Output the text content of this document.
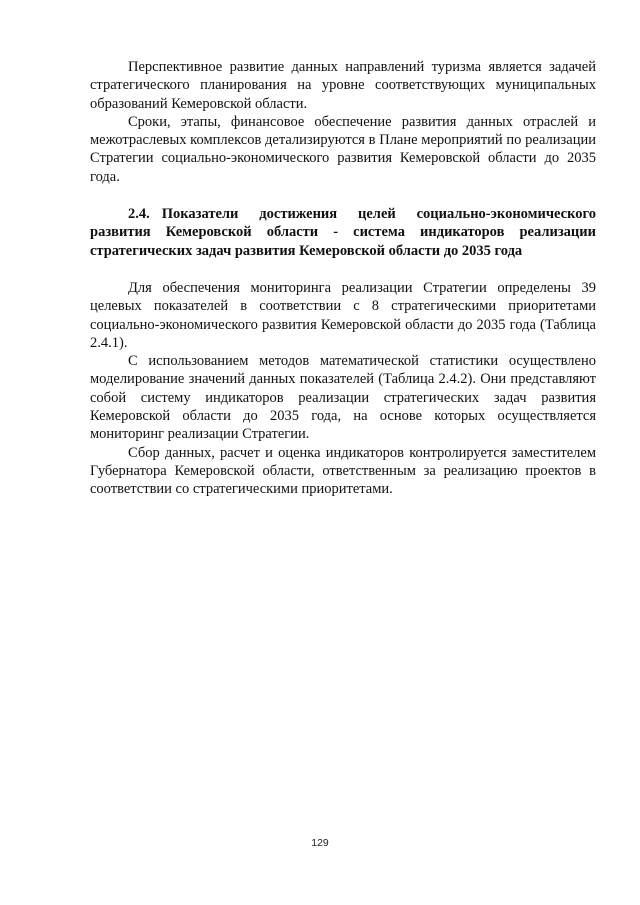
Перспективное развитие данных направлений туризма является задачей стратегического планирования на уровне соответствующих муниципальных образований Кемеровской области.

Сроки, этапы, финансовое обеспечение развития данных отраслей и межотраслевых комплексов детализируются в Плане мероприятий по реализации Стратегии социально-экономического развития Кемеровской области до 2035 года.

2.4. Показатели достижения целей социально-экономического развития Кемеровской области - система индикаторов реализации стратегических задач развития Кемеровской области до 2035 года

Для обеспечения мониторинга реализации Стратегии определены 39 целевых показателей в соответствии с 8 стратегическими приоритетами социально-экономического развития Кемеровской области до 2035 года (Таблица 2.4.1).

С использованием методов математической статистики осуществлено моделирование значений данных показателей (Таблица 2.4.2). Они представляют собой систему индикаторов реализации стратегических задач развития Кемеровской области до 2035 года, на основе которых осуществляется мониторинг реализации Стратегии.

Сбор данных, расчет и оценка индикаторов контролируется заместителем Губернатора Кемеровской области, ответственным за реализацию проектов в соответствии со стратегическими приоритетами.

129
